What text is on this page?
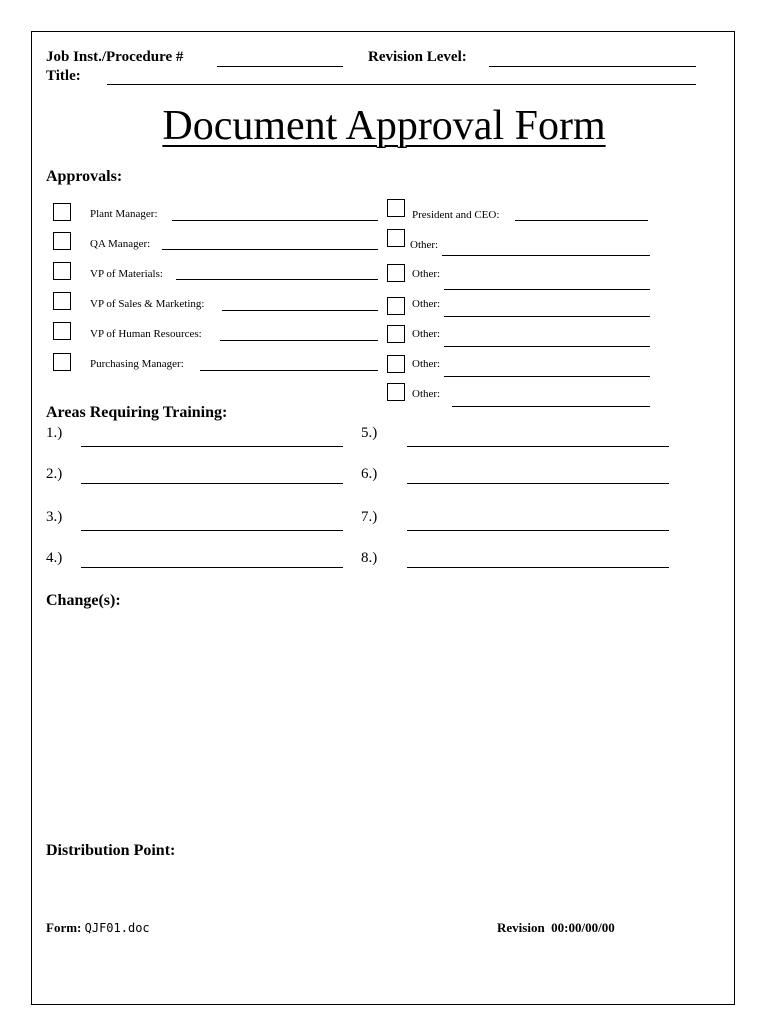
Job Inst./Procedure #	Revision Level:
Title:
Document Approval Form
Approvals:
Plant Manager:
QA Manager:
VP of Materials:
VP of Sales & Marketing:
VP of Human Resources:
Purchasing Manager:
President and CEO:
Other:
Other:
Other:
Other:
Other:
Other:
Areas Requiring Training:
1.)
2.)
3.)
4.)
5.)
6.)
7.)
8.)
Change(s):
Distribution Point:
Form: QJF01.doc	Revision 00:00/00/00
